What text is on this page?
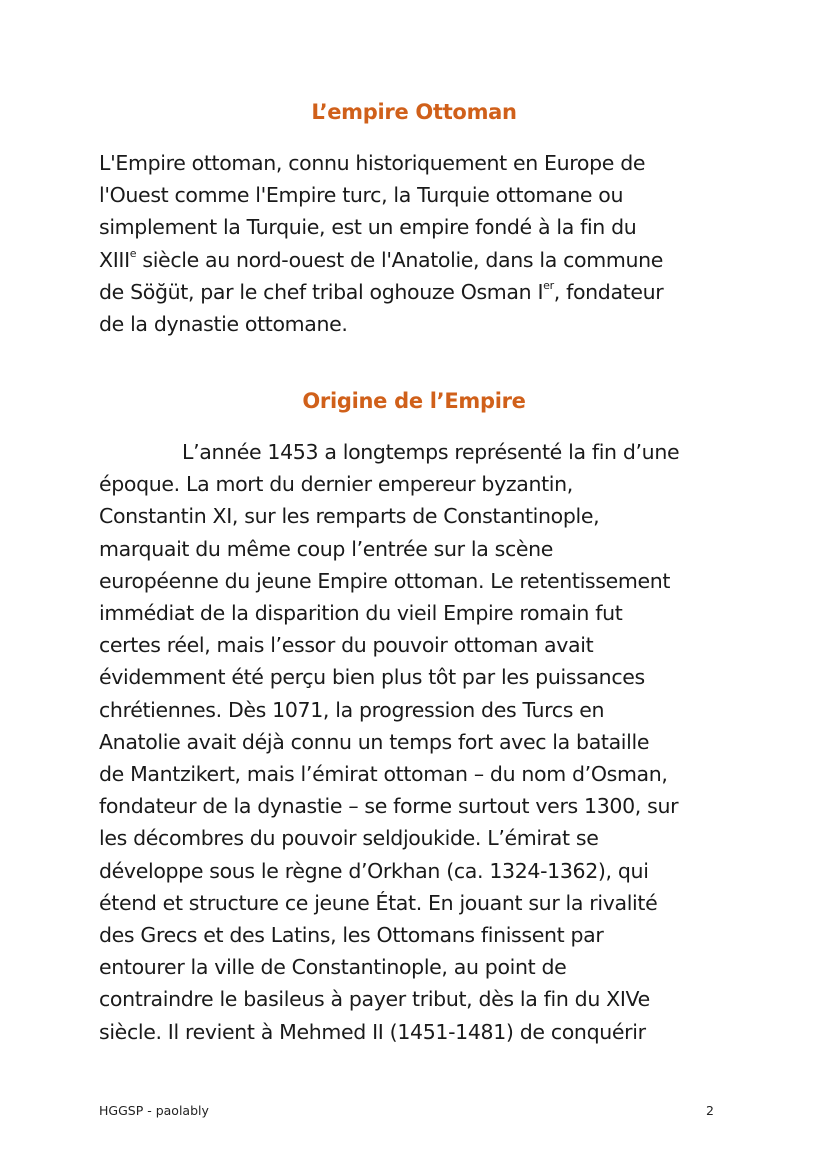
L’empire Ottoman
L'Empire ottoman, connu historiquement en Europe de
l'Ouest comme l'Empire turc, la Turquie ottomane ou
simplement la Turquie, est un empire fondé à la fin du
XIIIe siècle au nord-ouest de l'Anatolie, dans la commune
de Söğüt, par le chef tribal oghouze Osman Ier, fondateur
de la dynastie ottomane.
Origine de l’Empire
L’année 1453 a longtemps représenté la fin d’une
époque. La mort du dernier empereur byzantin,
Constantin XI, sur les remparts de Constantinople,
marquait du même coup l’entrée sur la scène
européenne du jeune Empire ottoman. Le retentissement
immédiat de la disparition du vieil Empire romain fut
certes réel, mais l’essor du pouvoir ottoman avait
évidemment été perçu bien plus tôt par les puissances
chrétiennes. Dès 1071, la progression des Turcs en
Anatolie avait déjà connu un temps fort avec la bataille
de Mantzikert, mais l’émirat ottoman – du nom d’Osman,
fondateur de la dynastie – se forme surtout vers 1300, sur
les décombres du pouvoir seldjoukide. L’émirat se
développe sous le règne d’Orkhan (ca. 1324-1362), qui
étend et structure ce jeune État. En jouant sur la rivalité
des Grecs et des Latins, les Ottomans finissent par
entourer la ville de Constantinople, au point de
contraindre le basileus à payer tribut, dès la fin du XIVe
siècle. Il revient à Mehmed II (1451-1481) de conquérir
HGGSP - paolably	2
